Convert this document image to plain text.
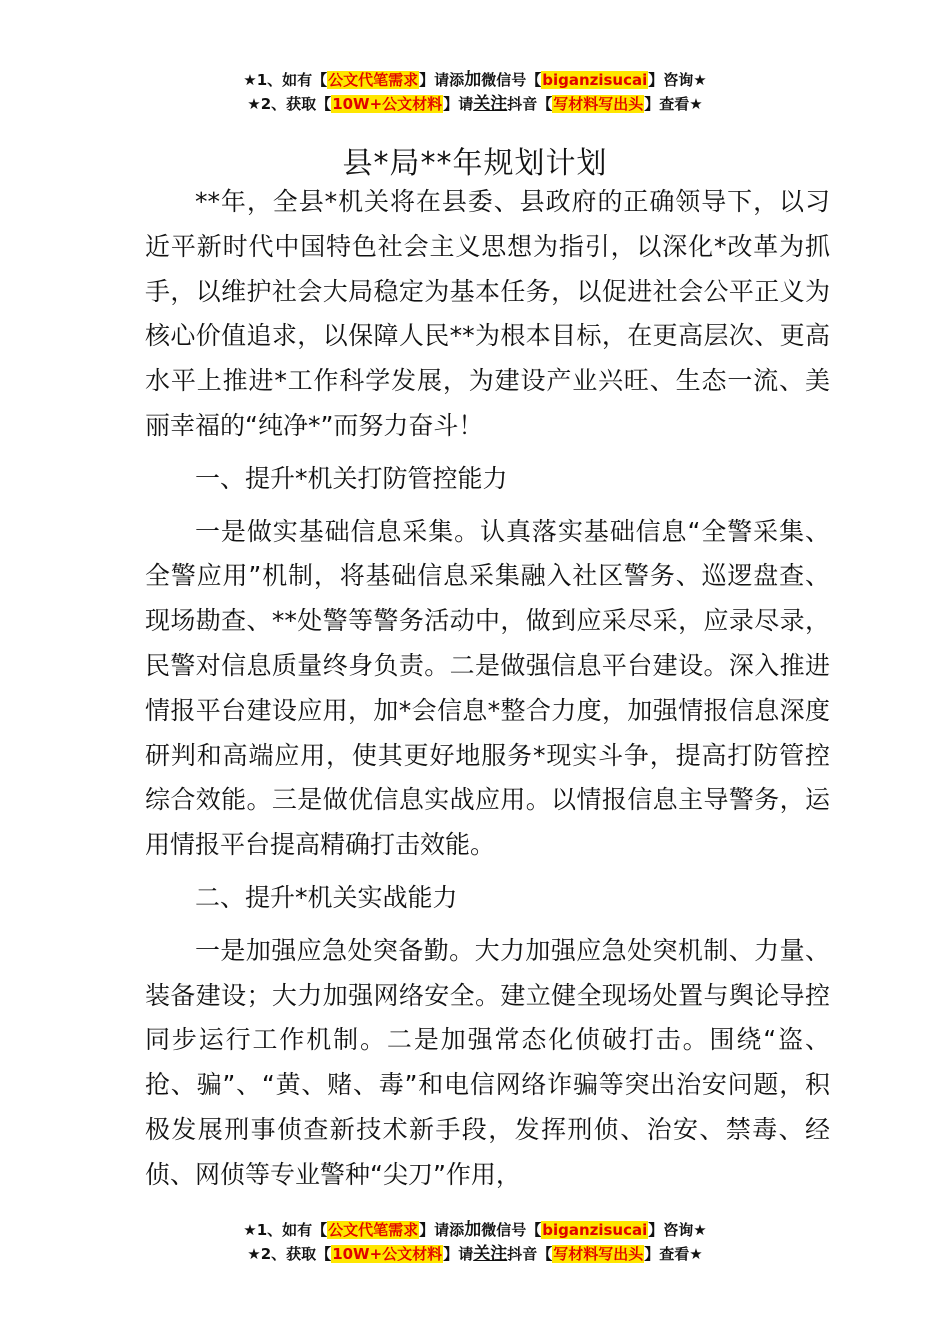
★1、如有【公文代笔需求】请添加微信号【biganzisucai】咨询★
★2、获取【10W+公文材料】请关注抖音【写材料写出头】查看★
县*局**年规划计划

**年，全县*机关将在县委、县政府的正确领导下，以习近平新时代中国特色社会主义思想为指引，以深化*改革为抓手，以维护社会大局稳定为基本任务，以促进社会公平正义为核心价值追求，以保障人民**为根本目标，在更高层次、更高水平上推进*工作科学发展，为建设产业兴旺、生态一流、美丽幸福的“纯净*”而努力奋斗！

一、提升*机关打防管控能力

一是做实基础信息采集。认真落实基础信息“全警采集、全警应用”机制，将基础信息采集融入社区警务、巡逻盘查、现场勘查、**处警等警务活动中，做到应采尽采，应录尽录，民警对信息质量终身负责。二是做强信息平台建设。深入推进情报平台建设应用，加*会信息*整合力度，加强情报信息深度研判和高端应用，使其更好地服务*现实斗争，提高打防管控综合效能。三是做优信息实战应用。以情报信息主导警务，运用情报平台提高精确打击效能。

二、提升*机关实战能力

一是加强应急处突备勤。大力加强应急处突机制、力量、装备建设；大力加强网络安全。建立健全现场处置与舆论导控同步运行工作机制。二是加强常态化侦破打击。围绕“盗、抢、骗”、“黄、赌、毒”和电信网络诈骗等突出治安问题，积极发展刑事侦查新技术新手段，发挥刑侦、治安、禁毒、经侦、网侦等专业警种“尖刀”作用，

★1、如有【公文代笔需求】请添加微信号【biganzisucai】咨询★
★2、获取【10W+公文材料】请关注抖音【写材料写出头】查看★
